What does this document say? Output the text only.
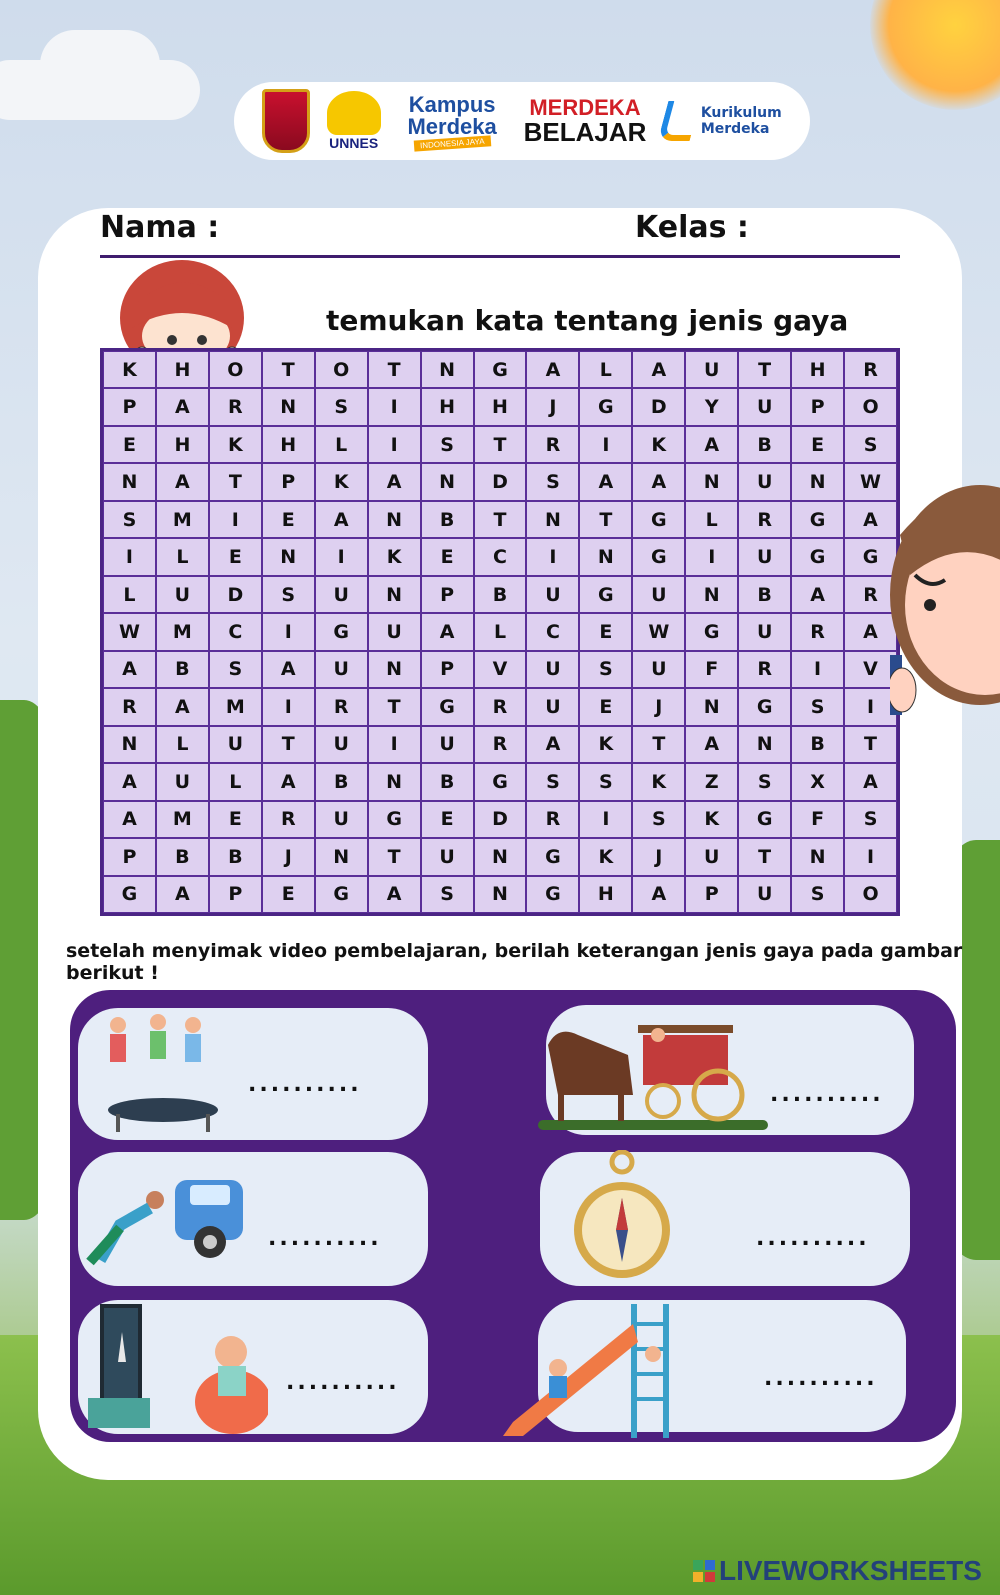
UNNES
Kampus Merdeka
INDONESIA JAYA
MERDEKA
BELAJAR
Kurikulum
Merdeka
Nama :	Kelas :
temukan kata tentang jenis gaya
K	H	O	T	O	T	N	G	A	L	A	U	T	H	R
P	A	R	N	S	I	H	H	J	G	D	Y	U	P	O
E	H	K	H	L	I	S	T	R	I	K	A	B	E	S
N	A	T	P	K	A	N	D	S	A	A	N	U	N	W
S	M	I	E	A	N	B	T	N	T	G	L	R	G	A
I	L	E	N	I	K	E	C	I	N	G	I	U	G	G
L	U	D	S	U	N	P	B	U	G	U	N	B	A	R
W	M	C	I	G	U	A	L	C	E	W	G	U	R	A
A	B	S	A	U	N	P	V	U	S	U	F	R	I	V
R	A	M	I	R	T	G	R	U	E	J	N	G	S	I
N	L	U	T	U	I	U	R	A	K	T	A	N	B	T
A	U	L	A	B	N	B	G	S	S	K	Z	S	X	A
A	M	E	R	U	G	E	D	R	I	S	K	G	F	S
P	B	B	J	N	T	U	N	G	K	J	U	T	N	I
G	A	P	E	G	A	S	N	G	H	A	P	U	S	O
setelah menyimak video pembelajaran, berilah keterangan jenis gaya pada gambar berikut !
..........
..........
..........
..........
..........
..........
LIVEWORKSHEETS
